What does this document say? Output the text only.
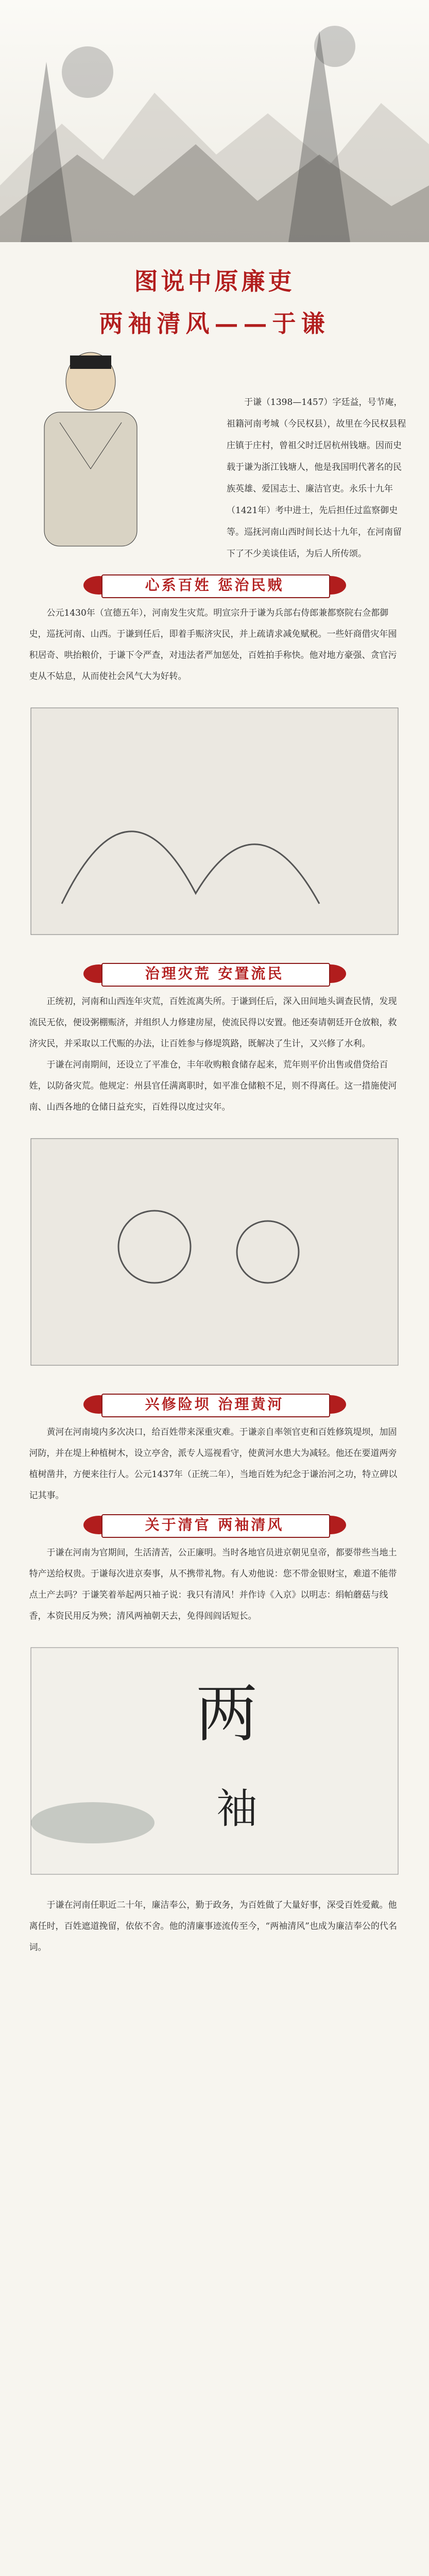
图说中原廉吏
两袖清风——于谦
于谦（1398—1457）字廷益，号节庵，祖籍河南考城（今民权县），故里在今民权县程庄镇于庄村，曾祖父时迁居杭州钱塘。因而史载于谦为浙江钱塘人，他是我国明代著名的民族英雄、爱国志士、廉洁官吏。永乐十九年（1421年）考中进士，先后担任过监察御史等。巡抚河南山西时间长达十九年，在河南留下了不少美谈佳话，为后人所传颂。
心系百姓 惩治民贼
公元1430年（宣德五年），河南发生灾荒。明宣宗升于谦为兵部右侍郎兼都察院右佥都御史，巡抚河南、山西。于谦到任后，即着手赈济灾民，并上疏请求减免赋税。一些奸商借灾年囤积居奇、哄抬粮价，于谦下令严查，对违法者严加惩处，百姓拍手称快。他对地方豪强、贪官污吏从不姑息，从而使社会风气大为好转。
治理灾荒 安置流民
正统初，河南和山西连年灾荒，百姓流离失所。于谦到任后，深入田间地头调查民情，发现流民无依，便设粥棚赈济，并组织人力修建房屋，使流民得以安置。他还奏请朝廷开仓放粮，救济灾民，并采取以工代赈的办法，让百姓参与修堤筑路，既解决了生计，又兴修了水利。
于谦在河南期间，还设立了平准仓，丰年收购粮食储存起来，荒年则平价出售或借贷给百姓，以防备灾荒。他规定：州县官任满离职时，如平准仓储粮不足，则不得离任。这一措施使河南、山西各地的仓储日益充实，百姓得以度过灾年。
兴修险坝 治理黄河
黄河在河南境内多次决口，给百姓带来深重灾难。于谦亲自率领官吏和百姓修筑堤坝，加固河防，并在堤上种植树木，设立亭舍，派专人巡视看守，使黄河水患大为减轻。他还在要道两旁植树凿井，方便来往行人。公元1437年（正统二年），当地百姓为纪念于谦治河之功，特立碑以记其事。
关于清官 两袖清风
于谦在河南为官期间，生活清苦，公正廉明。当时各地官员进京朝见皇帝，都要带些当地土特产送给权贵。于谦每次进京奏事，从不携带礼物。有人劝他说：您不带金银财宝，难道不能带点土产去吗？于谦笑着举起两只袖子说：我只有清风！并作诗《入京》以明志：绢帕蘑菇与线香，本资民用反为殃；清风两袖朝天去，免得闾阎话短长。
两
袖
于谦在河南任职近二十年，廉洁奉公，勤于政务，为百姓做了大量好事，深受百姓爱戴。他离任时，百姓遮道挽留，依依不舍。他的清廉事迹流传至今，“两袖清风”也成为廉洁奉公的代名词。
